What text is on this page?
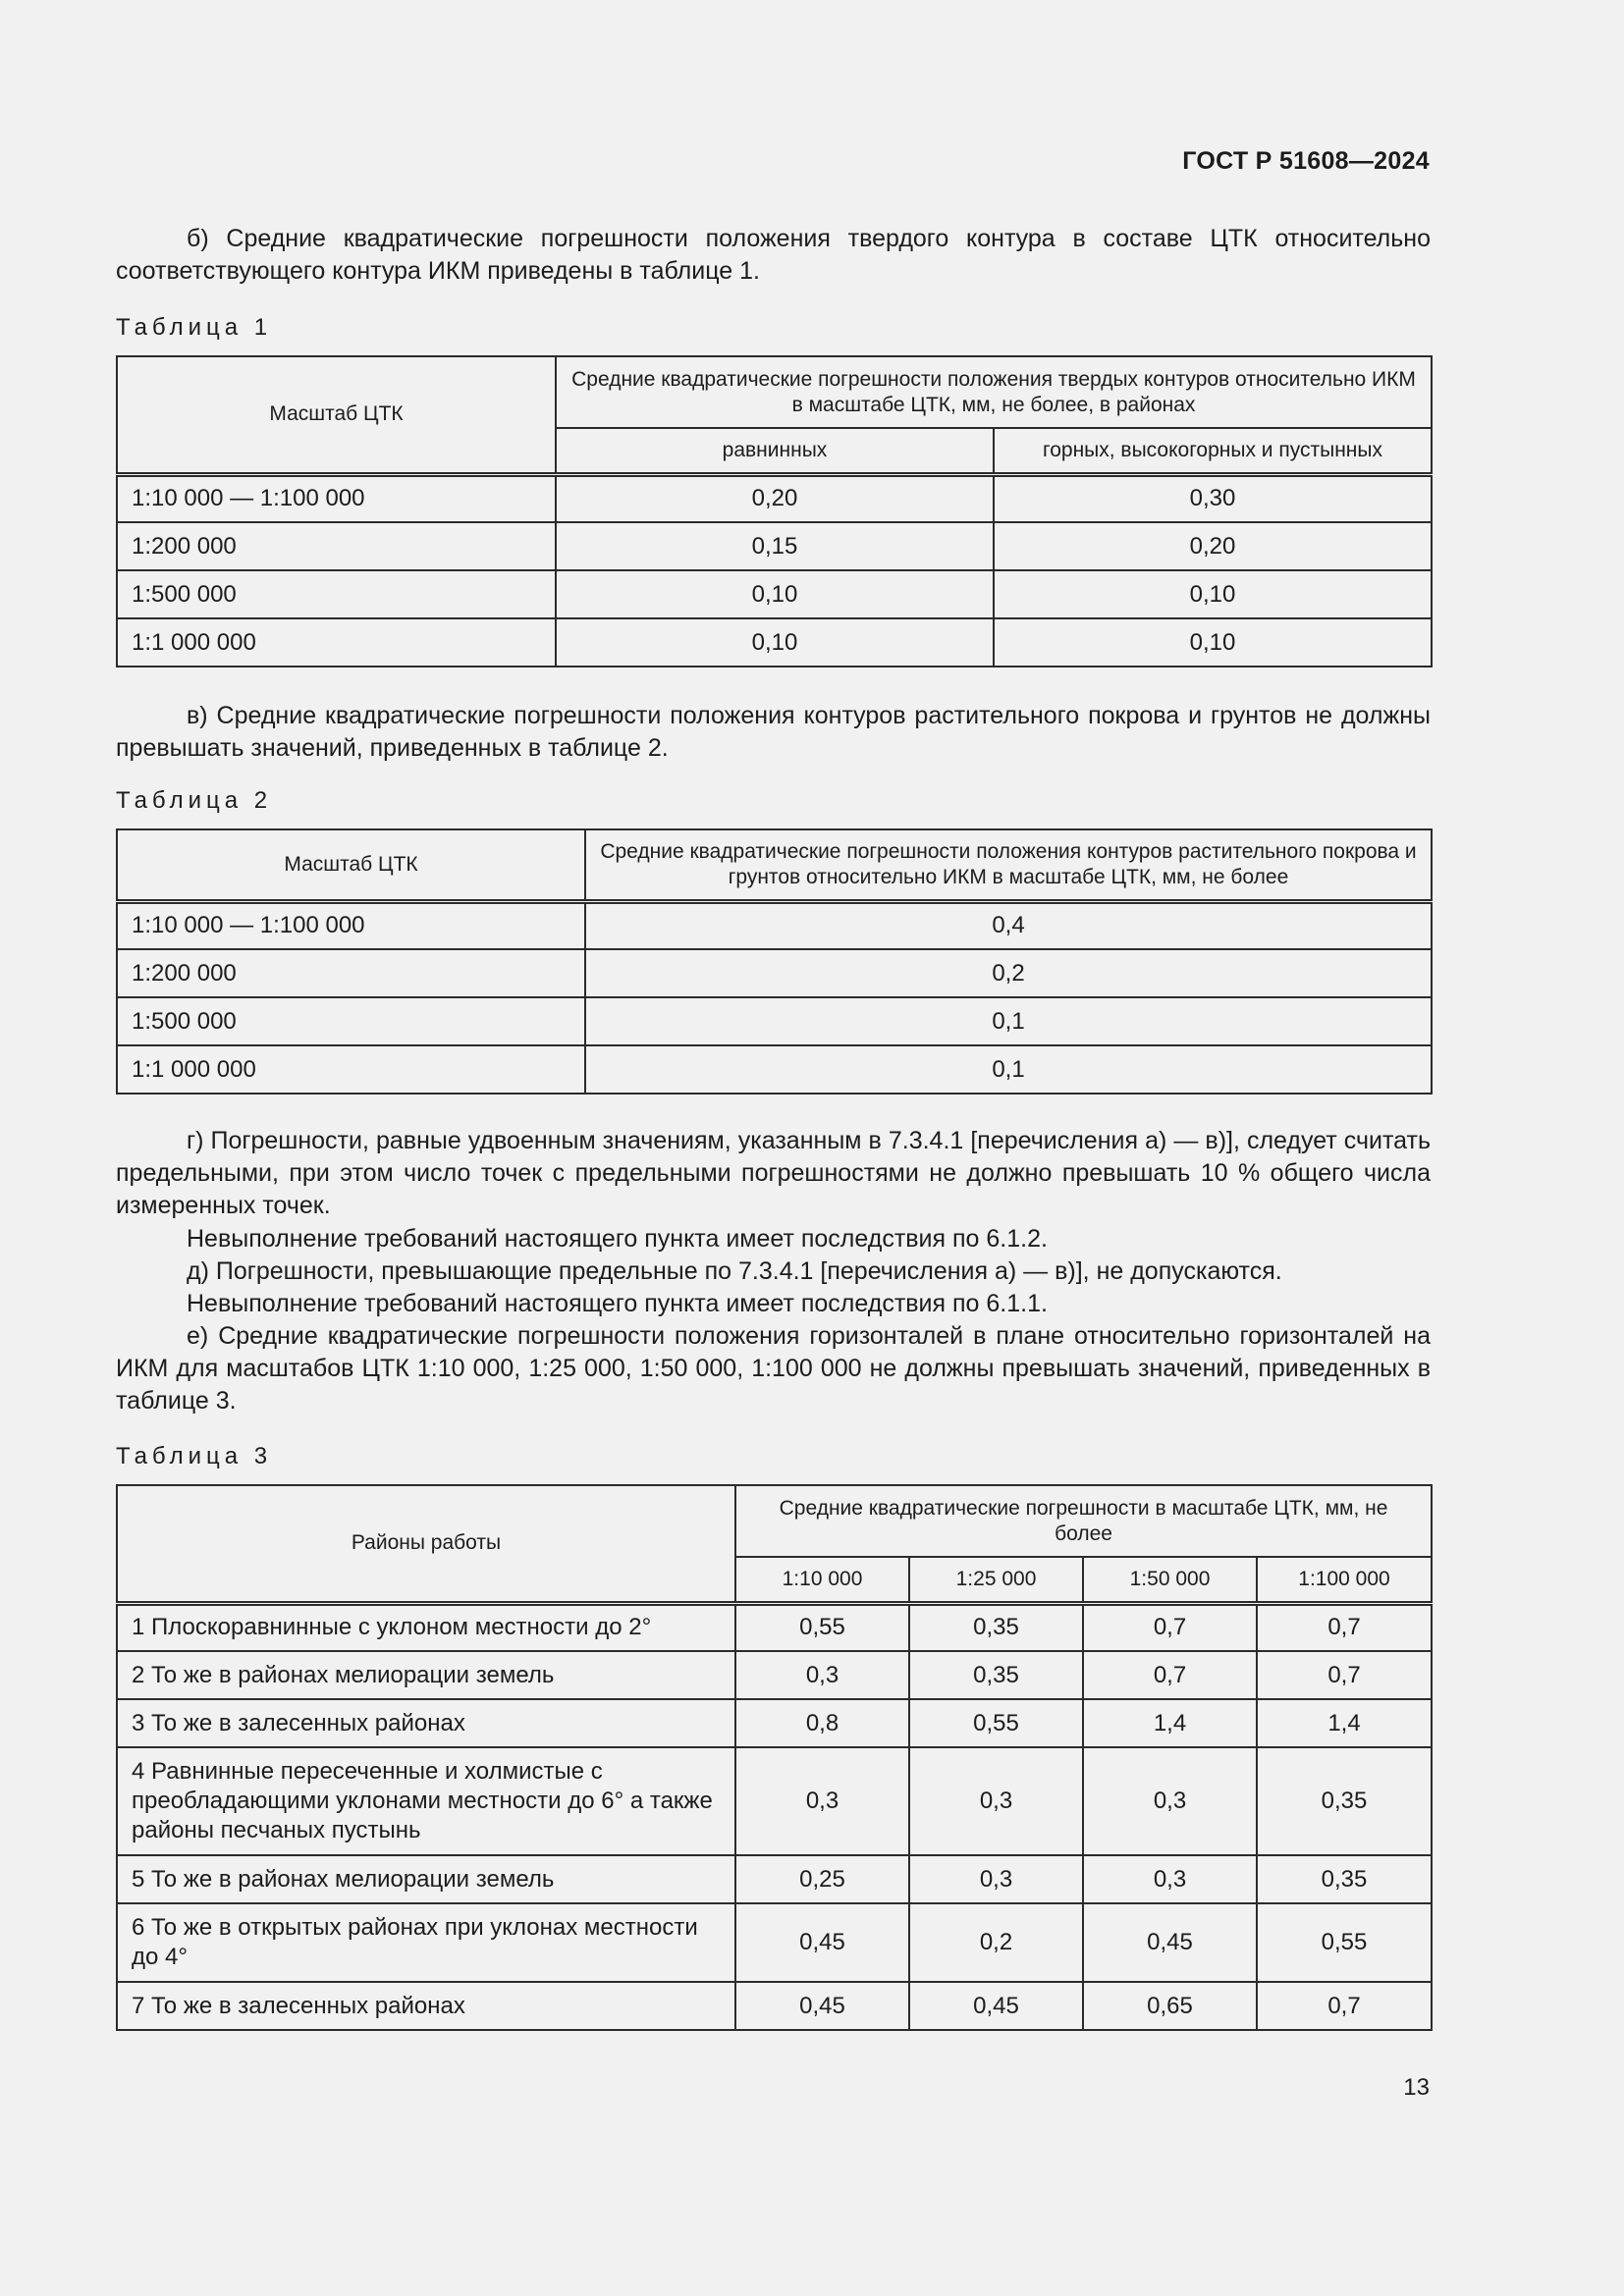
ГОСТ Р 51608—2024

б) Средние квадратические погрешности положения твердого контура в составе ЦТК относительно соответствующего контура ИКМ приведены в таблице 1.

Таблица 1
Масштаб ЦТК	Средние квадратические погрешности положения твердых контуров относительно ИКМ в масштабе ЦТК, мм, не более, в районах	
	равнинных	горных, высокогорных и пустынных
1:10 000 — 1:100 000	0,20	0,30
1:200 000	0,15	0,20
1:500 000	0,10	0,10
1:1 000 000	0,10	0,10

в) Средние квадратические погрешности положения контуров растительного покрова и грунтов не должны превышать значений, приведенных в таблице 2.

Таблица 2
Масштаб ЦТК	Средние квадратические погрешности положения контуров растительного покрова и грунтов относительно ИКМ в масштабе ЦТК, мм, не более
1:10 000 — 1:100 000	0,4
1:200 000	0,2
1:500 000	0,1
1:1 000 000	0,1

г) Погрешности, равные удвоенным значениям, указанным в 7.3.4.1 [перечисления а) — в)], следует считать предельными, при этом число точек с предельными погрешностями не должно превышать 10 % общего числа измеренных точек.

Невыполнение требований настоящего пункта имеет последствия по 6.1.2.

д) Погрешности, превышающие предельные по 7.3.4.1 [перечисления а) — в)], не допускаются.

Невыполнение требований настоящего пункта имеет последствия по 6.1.1.

е) Средние квадратические погрешности положения горизонталей в плане относительно горизонталей на ИКМ для масштабов ЦТК 1:10 000, 1:25 000, 1:50 000, 1:100 000 не должны превышать значений, приведенных в таблице 3.

Таблица 3
Районы работы	Средние квадратические погрешности в масштабе ЦТК, мм, не более			
	1:10 000	1:25 000	1:50 000	1:100 000
1 Плоскоравнинные с уклоном местности до 2°	0,55	0,35	0,7	0,7
2 То же в районах мелиорации земель	0,3	0,35	0,7	0,7
3 То же в залесенных районах	0,8	0,55	1,4	1,4
4 Равнинные пересеченные и холмистые с преобладающими уклонами местности до 6° а также районы песчаных пустынь	0,3	0,3	0,3	0,35
5 То же в районах мелиорации земель	0,25	0,3	0,3	0,35
6 То же в открытых районах при уклонах местности до 4°	0,45	0,2	0,45	0,55
7 То же в залесенных районах	0,45	0,45	0,65	0,7
13
